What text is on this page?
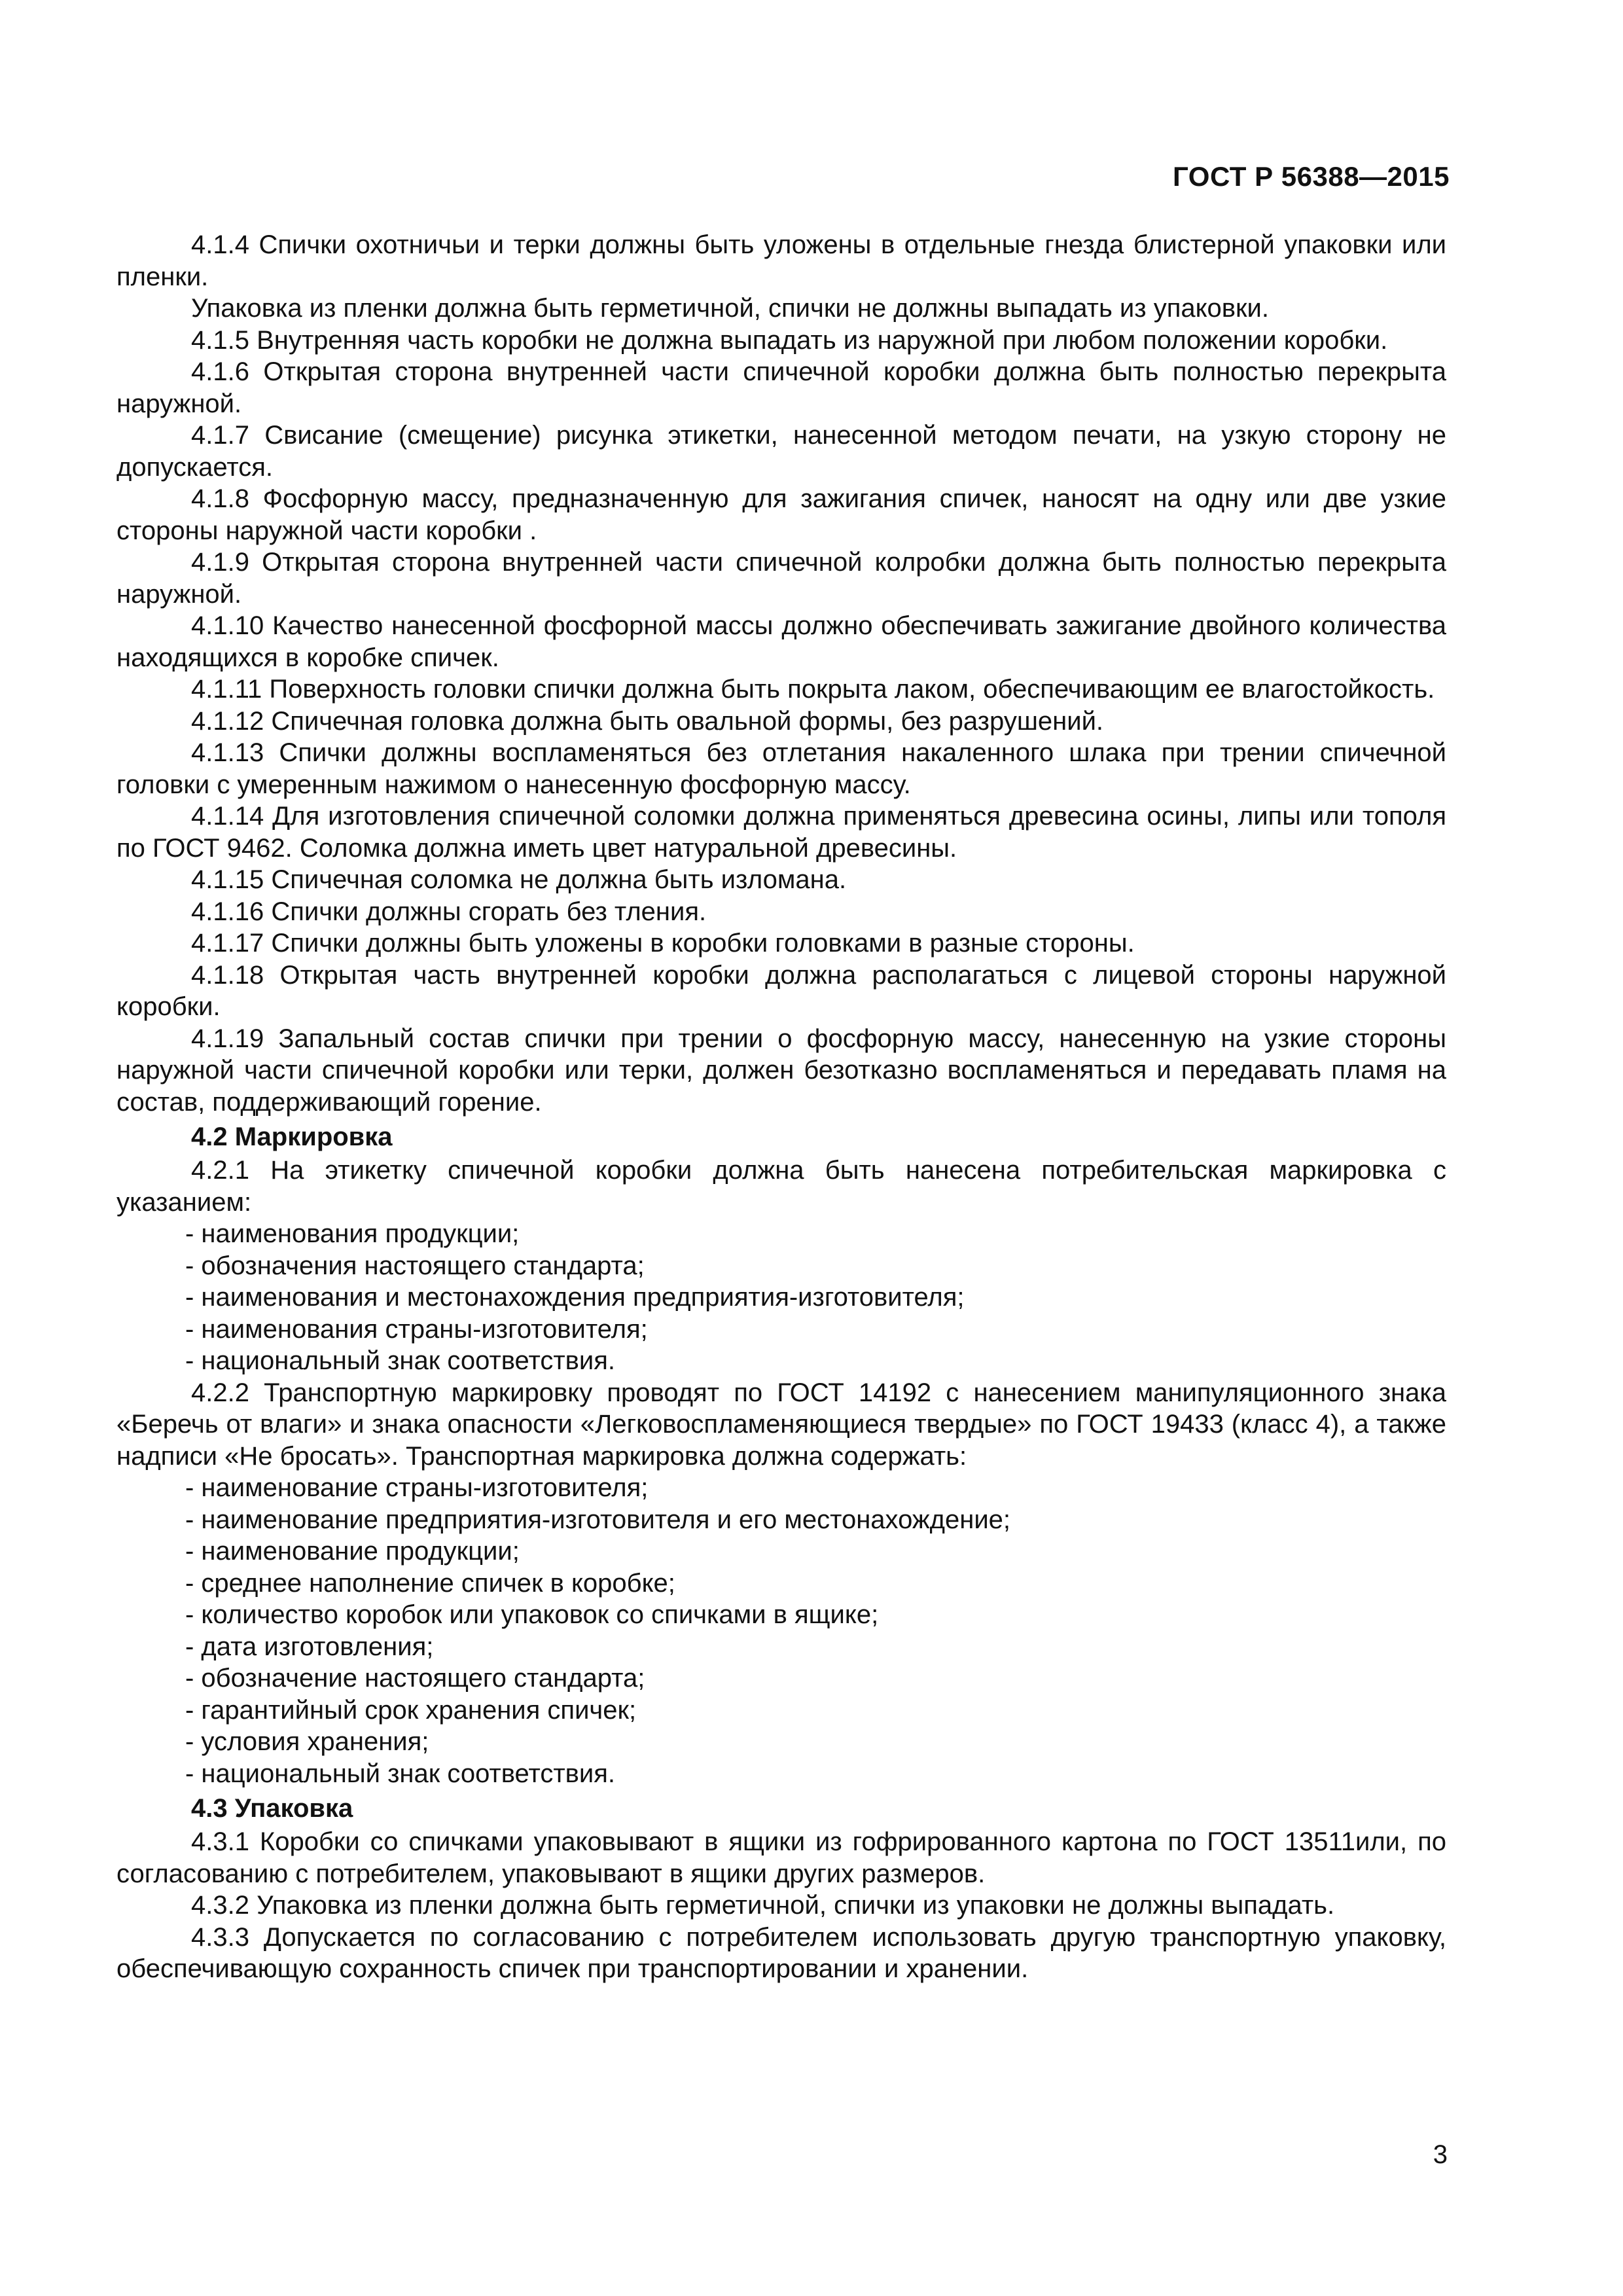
ГОСТ Р 56388—2015

4.1.4 Спички охотничьи и терки должны быть уложены в отдельные гнезда блистерной упаковки или пленки.

Упаковка из пленки должна быть герметичной, спички не должны выпадать из упаковки.

4.1.5 Внутренняя часть коробки не должна выпадать из наружной при любом положении коробки.

4.1.6 Открытая сторона внутренней части спичечной коробки должна быть полностью перекрыта наружной.

4.1.7 Свисание (смещение) рисунка этикетки, нанесенной методом печати, на узкую сторону не допускается.

4.1.8 Фосфорную массу, предназначенную для зажигания спичек, наносят на одну или две узкие стороны наружной части коробки .

4.1.9 Открытая сторона внутренней части спичечной колробки должна быть полностью перекрыта наружной.

4.1.10 Качество нанесенной фосфорной массы должно обеспечивать зажигание двойного количества находящихся в коробке спичек.

4.1.11 Поверхность головки спички должна быть покрыта лаком, обеспечивающим ее влагостойкость.

4.1.12 Спичечная головка должна быть овальной формы, без разрушений.

4.1.13 Спички должны воспламеняться без отлетания накаленного шлака при трении спичечной головки с умеренным нажимом о нанесенную фосфорную массу.

4.1.14 Для изготовления спичечной соломки должна применяться древесина осины, липы или тополя по ГОСТ 9462. Соломка должна иметь цвет натуральной древесины.

4.1.15 Спичечная соломка не должна быть изломана.

4.1.16 Спички должны сгорать без тления.

4.1.17 Спички должны быть уложены в коробки головками в разные стороны.

4.1.18 Открытая часть внутренней коробки должна располагаться с лицевой стороны наружной коробки.

4.1.19 Запальный состав спички при трении о фосфорную массу, нанесенную на узкие стороны наружной части спичечной коробки или терки, должен безотказно воспламеняться и передавать пламя на состав, поддерживающий горение.

4.2 Маркировка

4.2.1 На этикетку спичечной коробки должна быть нанесена потребительская маркировка с указанием:

- наименования продукции;

- обозначения настоящего стандарта;

- наименования и местонахождения предприятия-изготовителя;

- наименования страны-изготовителя;

- национальный знак соответствия.

4.2.2 Транспортную маркировку проводят по ГОСТ 14192 с нанесением манипуляционного знака «Беречь от влаги» и знака опасности «Легковоспламеняющиеся твердые» по ГОСТ 19433 (класс 4), а также надписи «Не бросать». Транспортная маркировка должна содержать:

- наименование страны-изготовителя;

- наименование предприятия-изготовителя и его местонахождение;

- наименование продукции;

- среднее наполнение спичек в коробке;

- количество коробок или упаковок со спичками в ящике;

- дата изготовления;

- обозначение настоящего стандарта;

- гарантийный срок хранения спичек;

- условия хранения;

- национальный знак соответствия.

4.3 Упаковка

4.3.1 Коробки со спичками упаковывают в ящики из гофрированного картона по ГОСТ 13511или, по согласованию с потребителем, упаковывают в ящики других размеров.

4.3.2 Упаковка из пленки должна быть герметичной, спички из упаковки не должны выпадать.

4.3.3 Допускается по согласованию с потребителем использовать другую транспортную упаковку, обеспечивающую сохранность спичек при транспортировании и хранении.

3
